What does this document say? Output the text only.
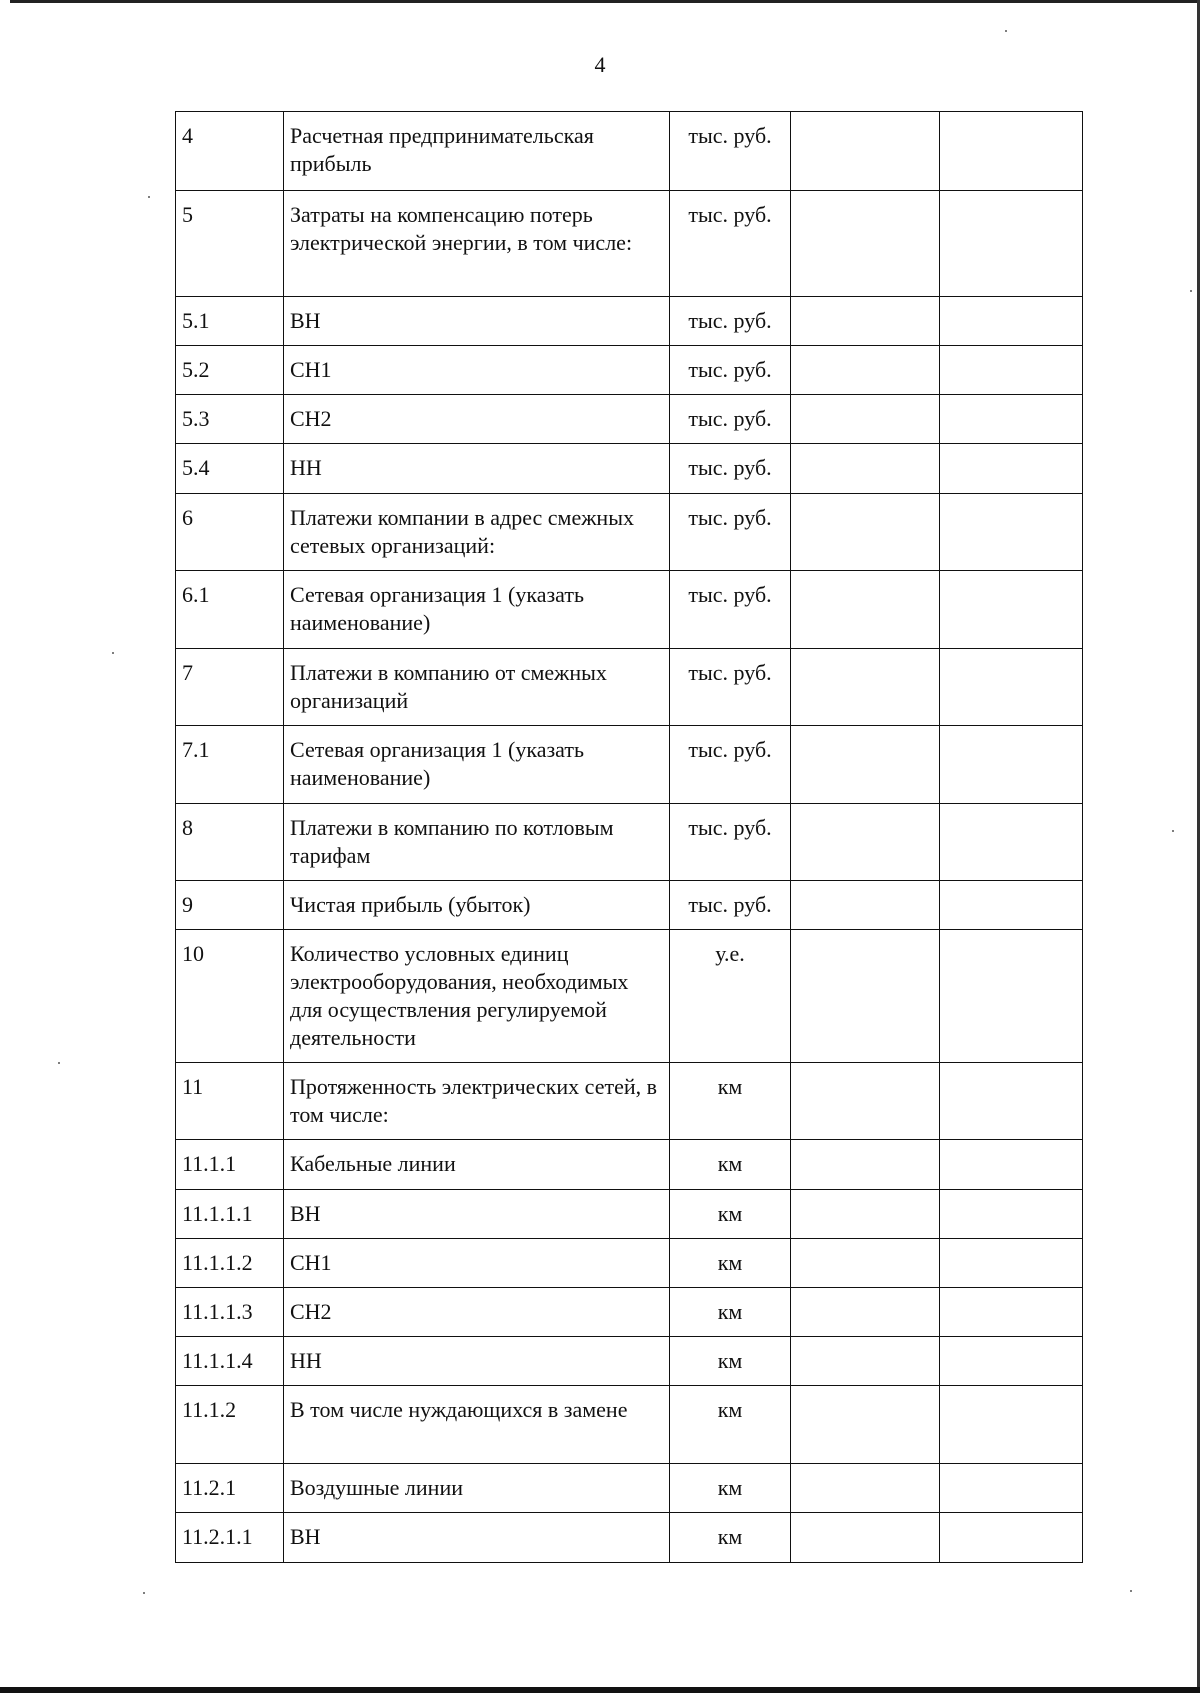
4
4	Расчетная предпринимательская прибыль	тыс. руб.		
5	Затраты на компенсацию потерь электрической энергии, в том числе:	тыс. руб.		
5.1	ВН	тыс. руб.		
5.2	СН1	тыс. руб.		
5.3	СН2	тыс. руб.		
5.4	НН	тыс. руб.		
6	Платежи компании в адрес смежных сетевых организаций:	тыс. руб.		
6.1	Сетевая организация 1 (указать наименование)	тыс. руб.		
7	Платежи в компанию от смежных организаций	тыс. руб.		
7.1	Сетевая организация 1 (указать наименование)	тыс. руб.		
8	Платежи в компанию по котловым тарифам	тыс. руб.		
9	Чистая прибыль (убыток)	тыс. руб.		
10	Количество условных единиц электрооборудования, необходимых для осуществления регулируемой деятельности	у.е.		
11	Протяженность электрических сетей, в том числе:	км		
11.1.1	Кабельные линии	км		
11.1.1.1	ВН	км		
11.1.1.2	СН1	км		
11.1.1.3	СН2	км		
11.1.1.4	НН	км		
11.1.2	В том числе нуждающихся в замене	км		
11.2.1	Воздушные линии	км		
11.2.1.1	ВН	км		
